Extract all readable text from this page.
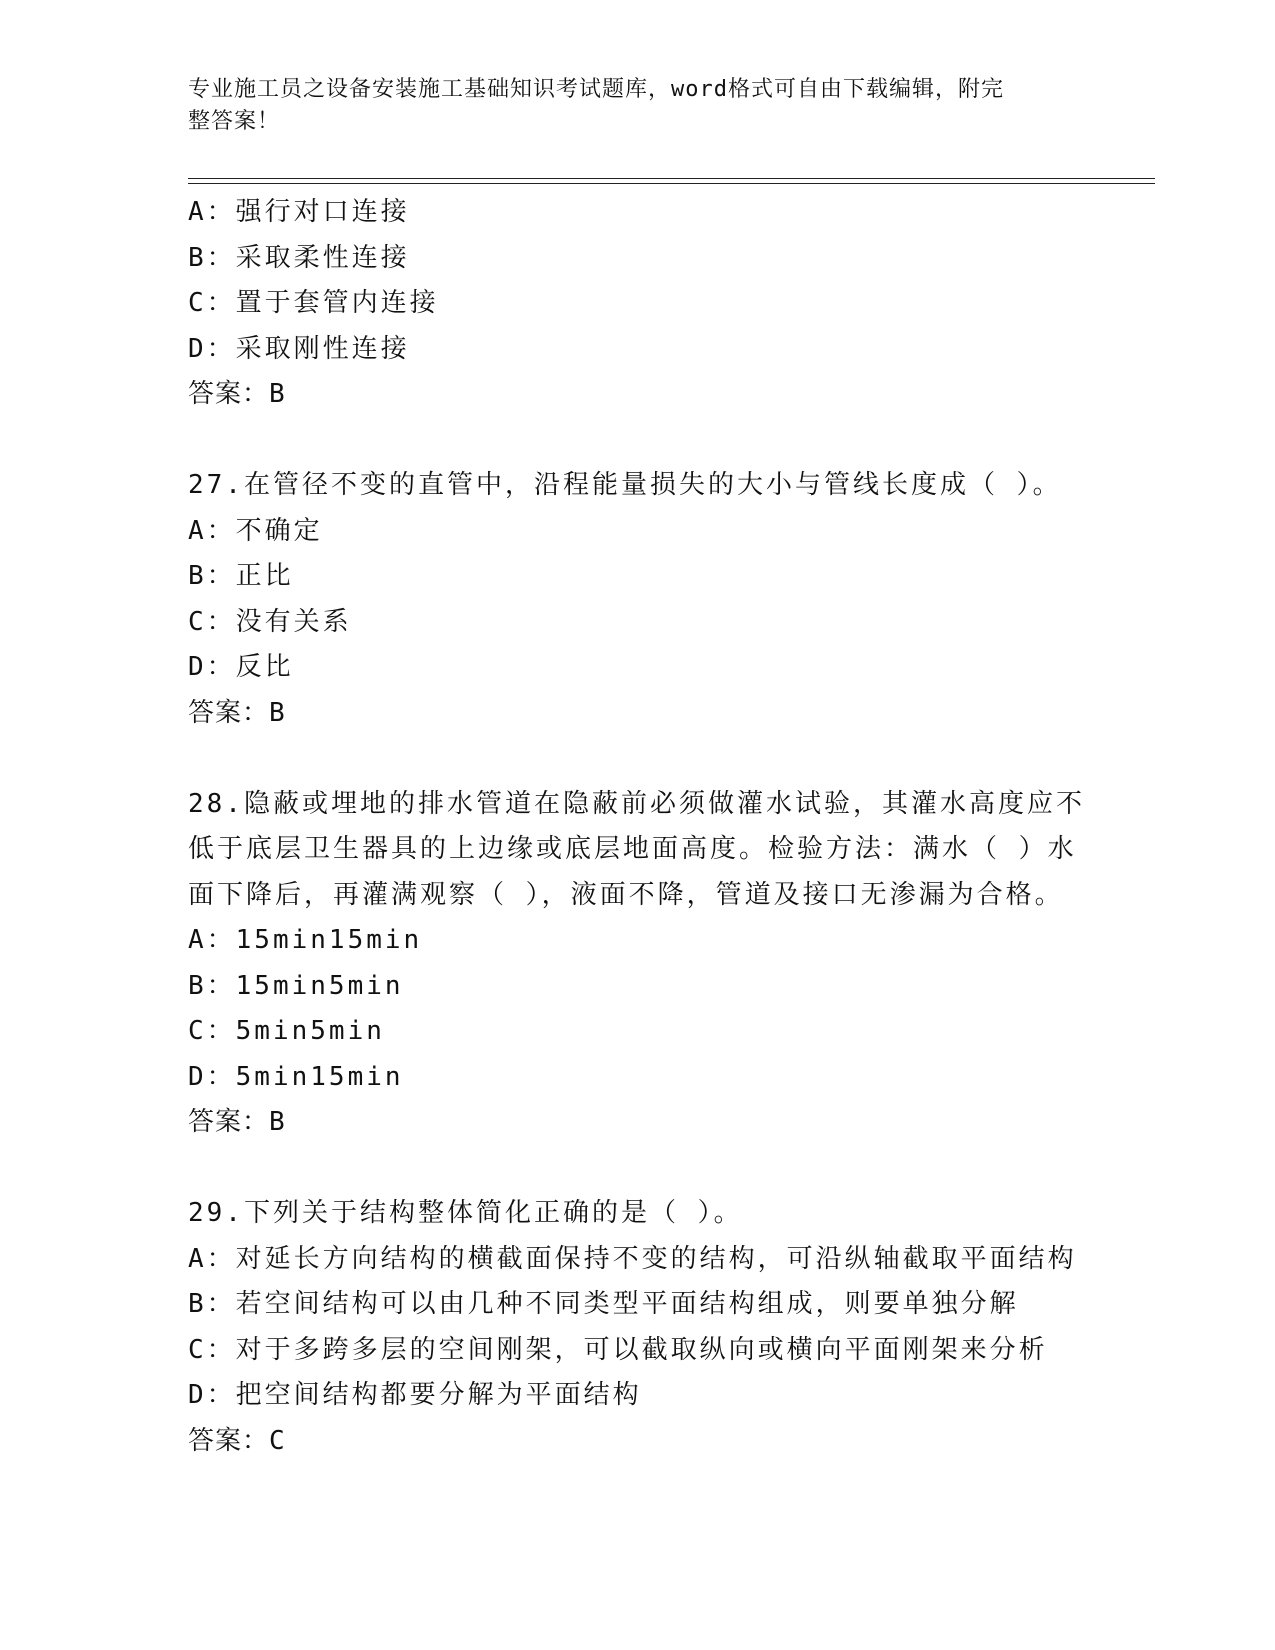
专业施工员之设备安装施工基础知识考试题库，word格式可自由下载编辑，附完
整答案！
A：强行对口连接
B：采取柔性连接
C：置于套管内连接
D：采取刚性连接
答案：B
27.在管径不变的直管中，沿程能量损失的大小与管线长度成（ ）。
A：不确定
B：正比
C：没有关系
D：反比
答案：B
28.隐蔽或埋地的排水管道在隐蔽前必须做灌水试验，其灌水高度应不
低于底层卫生器具的上边缘或底层地面高度。检验方法：满水（ ）水
面下降后，再灌满观察（ ），液面不降，管道及接口无渗漏为合格。
A：15min15min
B：15min5min
C：5min5min
D：5min15min
答案：B
29.下列关于结构整体简化正确的是（ ）。
A：对延长方向结构的横截面保持不变的结构，可沿纵轴截取平面结构
B：若空间结构可以由几种不同类型平面结构组成，则要单独分解
C：对于多跨多层的空间刚架，可以截取纵向或横向平面刚架来分析
D：把空间结构都要分解为平面结构
答案：C
